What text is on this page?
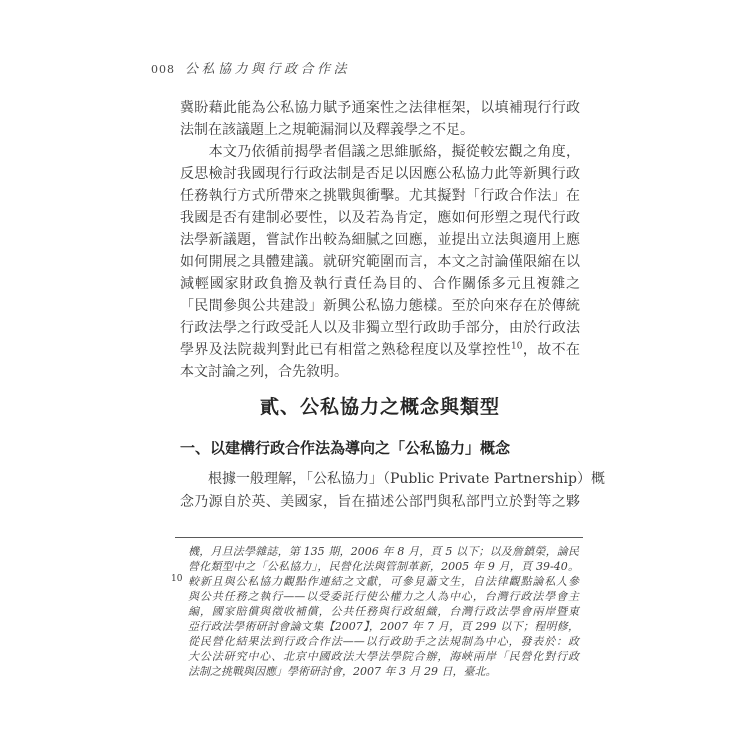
008 公私協力與行政合作法
冀盼藉此能為公私協力賦予通案性之法律框架，以填補現行行政
法制在該議題上之規範漏洞以及釋義學之不足。
　　本文乃依循前揭學者倡議之思維脈絡，擬從較宏觀之角度，
反思檢討我國現行行政法制是否足以因應公私協力此等新興行政
任務執行方式所帶來之挑戰與衝擊。尤其擬對「行政合作法」在
我國是否有建制必要性，以及若為肯定，應如何形塑之現代行政
法學新議題，嘗試作出較為細膩之回應，並提出立法與適用上應
如何開展之具體建議。就研究範圍而言，本文之討論僅限縮在以
減輕國家財政負擔及執行責任為目的、合作關係多元且複雜之
「民間參與公共建設」新興公私協力態樣。至於向來存在於傳統
行政法學之行政受託人以及非獨立型行政助手部分，由於行政法
學界及法院裁判對此已有相當之熟稔程度以及掌控性$^{10}$，故不在
本文討論之列，合先敘明。
貳、公私協力之概念與類型
一、以建構行政合作法為導向之「公私協力」概念
　　根據一般理解，「公私協力」（Public Private Partnership）概
念乃源自於英、美國家，旨在描述公部門與私部門立於對等之夥
機，月旦法學雜誌，第 135 期，2006 年 8 月，頁 5 以下；以及詹鎮榮，論民
營化類型中之「公私協力」，民營化法與管制革新，2005 年 9 月，頁 39-40。
10 較新且與公私協力觀點作連結之文獻，可參見蕭文生，自法律觀點論私人參
與公共任務之執行——以受委託行使公權力之人為中心，台灣行政法學會主
編，國家賠償與徵收補償，公共任務與行政組織，台灣行政法學會兩岸暨東
亞行政法學術研討會論文集【2007】，2007 年 7 月，頁 299 以下；程明修，
從民營化結果法到行政合作法——以行政助手之法規制為中心，發表於：政
大公法研究中心、北京中國政法大學法學院合辦，海峽兩岸「民營化對行政
法制之挑戰與因應」學術研討會，2007 年 3 月 29 日，臺北。
